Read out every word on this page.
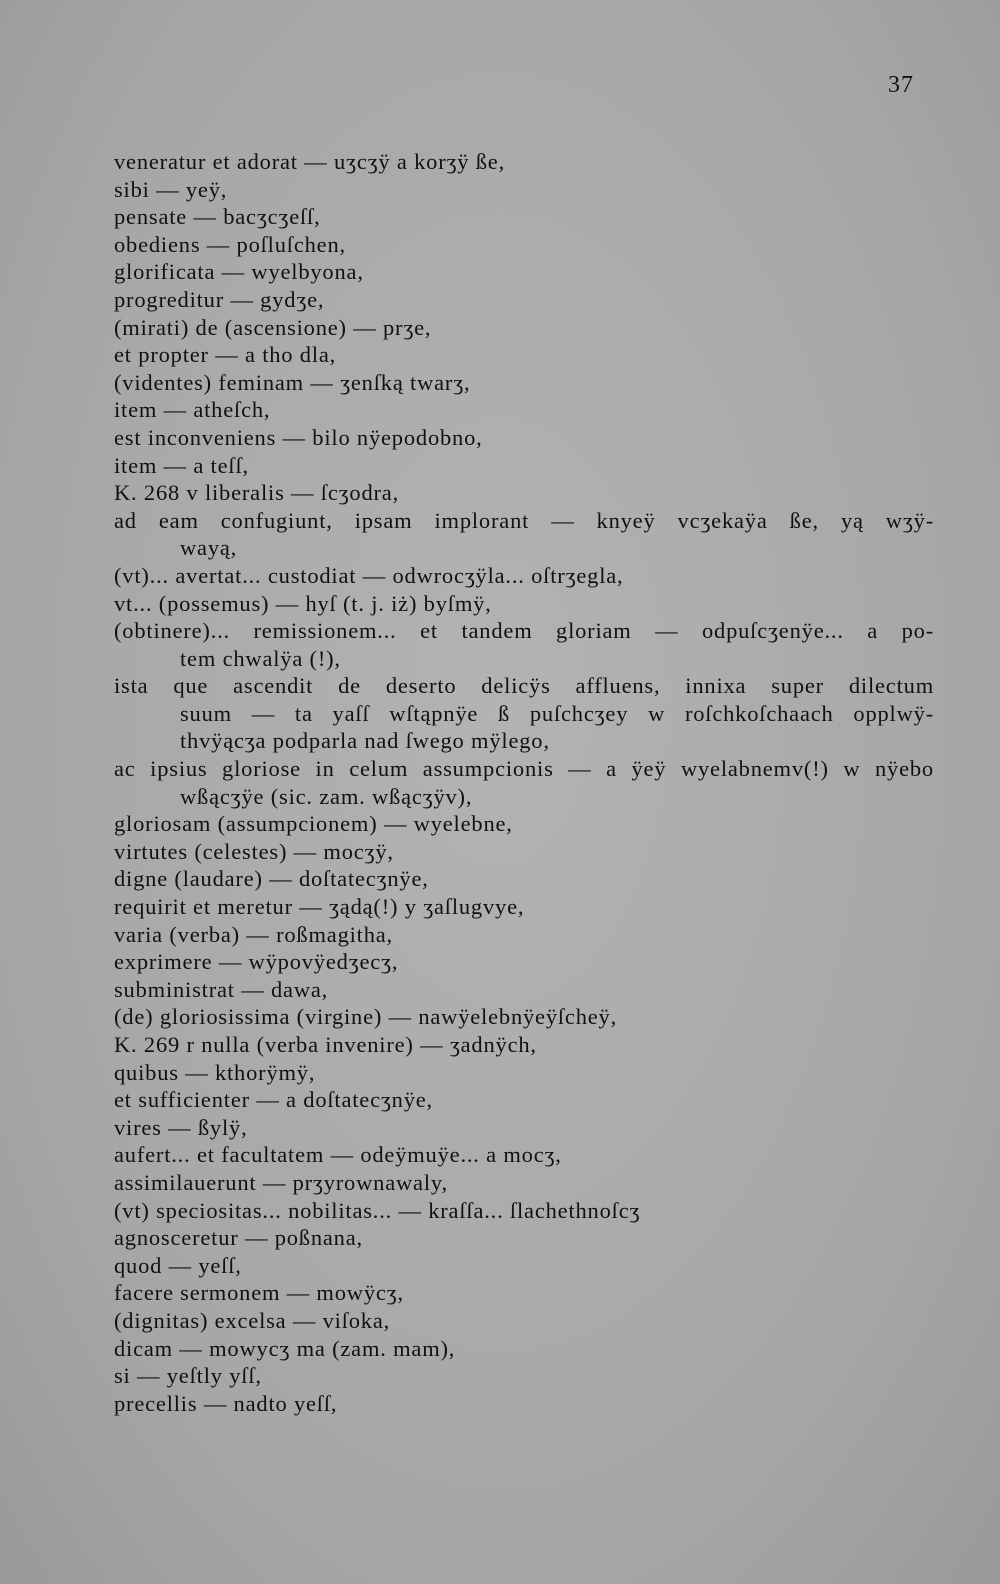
37
veneratur et adorat — uʒcʒÿ a korʒÿ ße,
sibi — yeÿ,
pensate — bacʒcʒeſſ,
obediens — poſluſchen,
glorificata — wyelbyona,
progreditur — gydʒe,
(mirati) de (ascensione) — prʒe,
et propter — a tho dla,
(videntes) feminam — ʒenſką twarʒ,
item — atheſch,
est inconveniens — bilo nÿepodobno,
item — a teſſ,
K. 268 v liberalis — ſcʒodra,
ad eam confugiunt, ipsam implorant — knyeÿ vcʒekaÿa ße, yą wʒÿ-
wayą,
(vt)... avertat... custodiat — odwrocʒÿla... oſtrʒegla,
vt... (possemus) — hyſ (t. j. iż) byſmÿ,
(obtinere)... remissionem... et tandem gloriam — odpuſcʒenÿe... a po-
tem chwalÿa (!),
ista que ascendit de deserto delicÿs affluens, innixa super dilectum
suum — ta yaſſ wſtąpnÿe ß puſchcʒey w roſchkoſchaach opplwÿ-
thvÿącʒa podparla nad ſwego mÿlego,
ac ipsius gloriose in celum assumpcionis — a ÿeÿ wyelabnemv(!) w nÿebo
wßącʒÿe (sic. zam. wßącʒÿv),
gloriosam (assumpcionem) — wyelebne,
virtutes (celestes) — mocʒÿ,
digne (laudare) — doſtatecʒnÿe,
requirit et meretur — ʒądą(!) y ʒaſlugvye,
varia (verba) — roßmagitha,
exprimere — wÿpovÿedʒecʒ,
subministrat — dawa,
(de) gloriosissima (virgine) — nawÿelebnÿeÿſcheÿ,
K. 269 r nulla (verba invenire) — ʒadnÿch,
quibus — kthorÿmÿ,
et sufficienter — a doſtatecʒnÿe,
vires — ßylÿ,
aufert... et facultatem — odeÿmuÿe... a mocʒ,
assimilauerunt — prʒyrownawaly,
(vt) speciositas... nobilitas... — kraſſa... ſlachethnoſcʒ
agnosceretur — poßnana,
quod — yeſſ,
facere sermonem — mowÿcʒ,
(dignitas) excelsa — viſoka,
dicam — mowycʒ ma (zam. mam),
si — yeſtly yſſ,
precellis — nadto yeſſ,
